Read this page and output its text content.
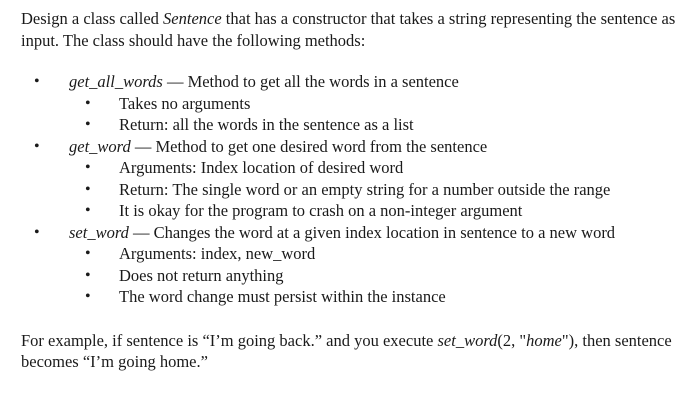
Design a class called Sentence that has a constructor that takes a string representing the sentence as input. The class should have the following methods:

• get_all_words — Method to get all the words in a sentence
• Takes no arguments
• Return: all the words in the sentence as a list
• get_word — Method to get one desired word from the sentence
• Arguments: Index location of desired word
• Return: The single word or an empty string for a number outside the range
• It is okay for the program to crash on a non-integer argument
• set_word — Changes the word at a given index location in sentence to a new word
• Arguments: index, new_word
• Does not return anything
• The word change must persist within the instance

For example, if sentence is “I’m going back.” and you execute set_word(2, "home"), then sentence becomes “I’m going home.”
